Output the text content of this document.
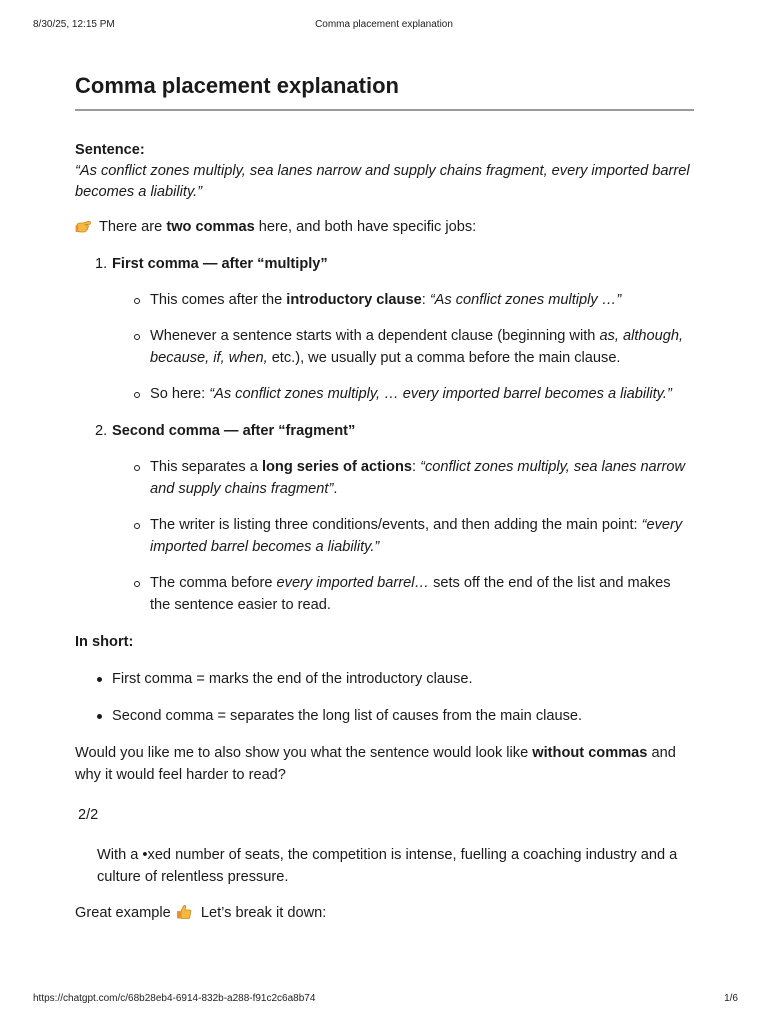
8/30/25, 12:15 PM	Comma placement explanation
Comma placement explanation

Sentence:
“As conflict zones multiply, sea lanes narrow and supply chains fragment, every imported barrel becomes a liability.”

There are two commas here, and both have specific jobs:

1. First comma — after “multiply”
This comes after the introductory clause: “As conflict zones multiply …”
Whenever a sentence starts with a dependent clause (beginning with as, although, because, if, when, etc.), we usually put a comma before the main clause.
So here: “As conflict zones multiply, … every imported barrel becomes a liability.”
2. Second comma — after “fragment”
This separates a long series of actions: “conflict zones multiply, sea lanes narrow and supply chains fragment”.
The writer is listing three conditions/events, and then adding the main point: “every imported barrel becomes a liability.”
The comma before every imported barrel… sets off the end of the list and makes the sentence easier to read.

In short:

First comma = marks the end of the introductory clause.
Second comma = separates the long list of causes from the main clause.

Would you like me to also show you what the sentence would look like without commas and why it would feel harder to read?

2/2

With a •xed number of seats, the competition is intense, fuelling a coaching industry and a culture of relentless pressure.

Great example  Let’s break it down:

https://chatgpt.com/c/68b28eb4-6914-832b-a288-f91c2c6a8b74	1/6
